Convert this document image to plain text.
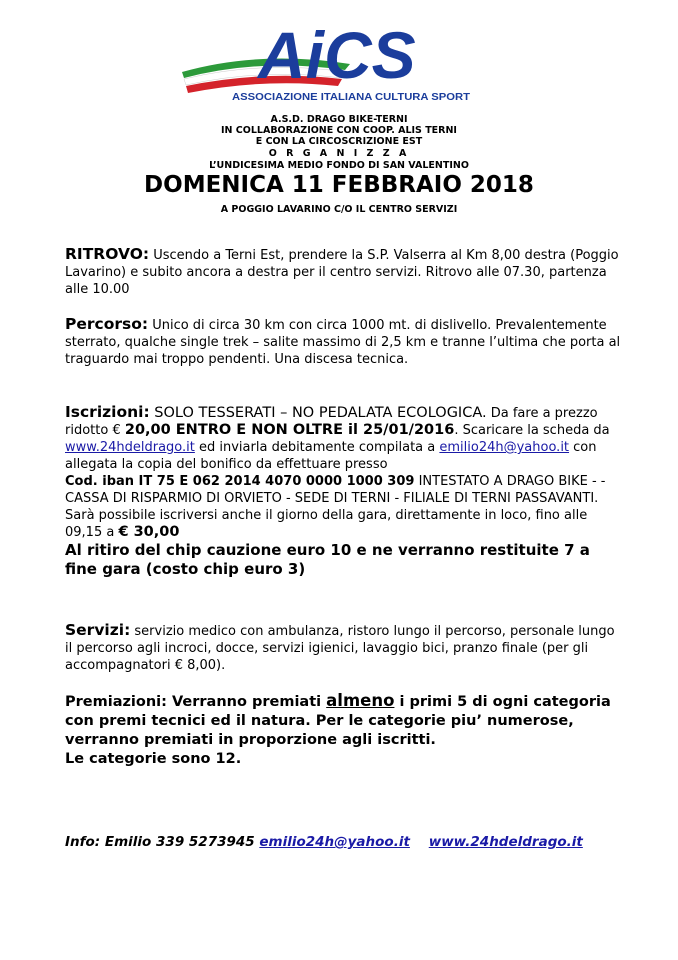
AiCS
ASSOCIAZIONE ITALIANA CULTURA SPORT

A.S.D. DRAGO BIKE-TERNI

IN COLLABORAZIONE CON COOP. ALIS TERNI

E CON LA CIRCOSCRIZIONE EST

O R G A N I Z Z A

L’UNDICESIMA MEDIO FONDO DI SAN VALENTINO

DOMENICA 11 FEBBRAIO 2018

A POGGIO LAVARINO C/O IL CENTRO SERVIZI

RITROVO: Uscendo a Terni Est, prendere la S.P. Valserra al Km 8,00 destra (Poggio Lavarino) e subito ancora a destra per il centro servizi. Ritrovo alle 07.30, partenza alle 10.00

Percorso: Unico di circa 30 km con circa 1000 mt. di dislivello. Prevalentemente sterrato, qualche single trek – salite massimo di 2,5 km e tranne l’ultima che porta al traguardo mai troppo pendenti. Una discesa tecnica.

Iscrizioni: SOLO TESSERATI – NO PEDALATA ECOLOGICA. Da fare a prezzo ridotto € 20,00 ENTRO E NON OLTRE il 25/01/2016. Scaricare la scheda da www.24hdeldrago.it ed inviarla debitamente compilata a emilio24h@yahoo.it con allegata la copia del bonifico da effettuare presso
Cod. iban IT 75 E 062 2014 4070 0000 1000 309 INTESTATO A DRAGO BIKE - -CASSA DI RISPARMIO DI ORVIETO - SEDE DI TERNI - FILIALE DI TERNI PASSAVANTI.
Sarà possibile iscriversi anche il giorno della gara, direttamente in loco, fino alle 09,15 a € 30,00
Al ritiro del chip cauzione euro 10 e ne verranno restituite 7 a fine gara (costo chip euro 3)

Servizi: servizio medico con ambulanza, ristoro lungo il percorso, personale lungo il percorso agli incroci, docce, servizi igienici, lavaggio bici, pranzo finale (per gli accompagnatori € 8,00).

Premiazioni: Verranno premiati almeno i primi 5 di ogni categoria con premi tecnici ed il natura. Per le categorie piu’ numerose, verranno premiati in proporzione agli iscritti.
Le categorie sono 12.

Info: Emilio 339 5273945 emilio24h@yahoo.it www.24hdeldrago.it
